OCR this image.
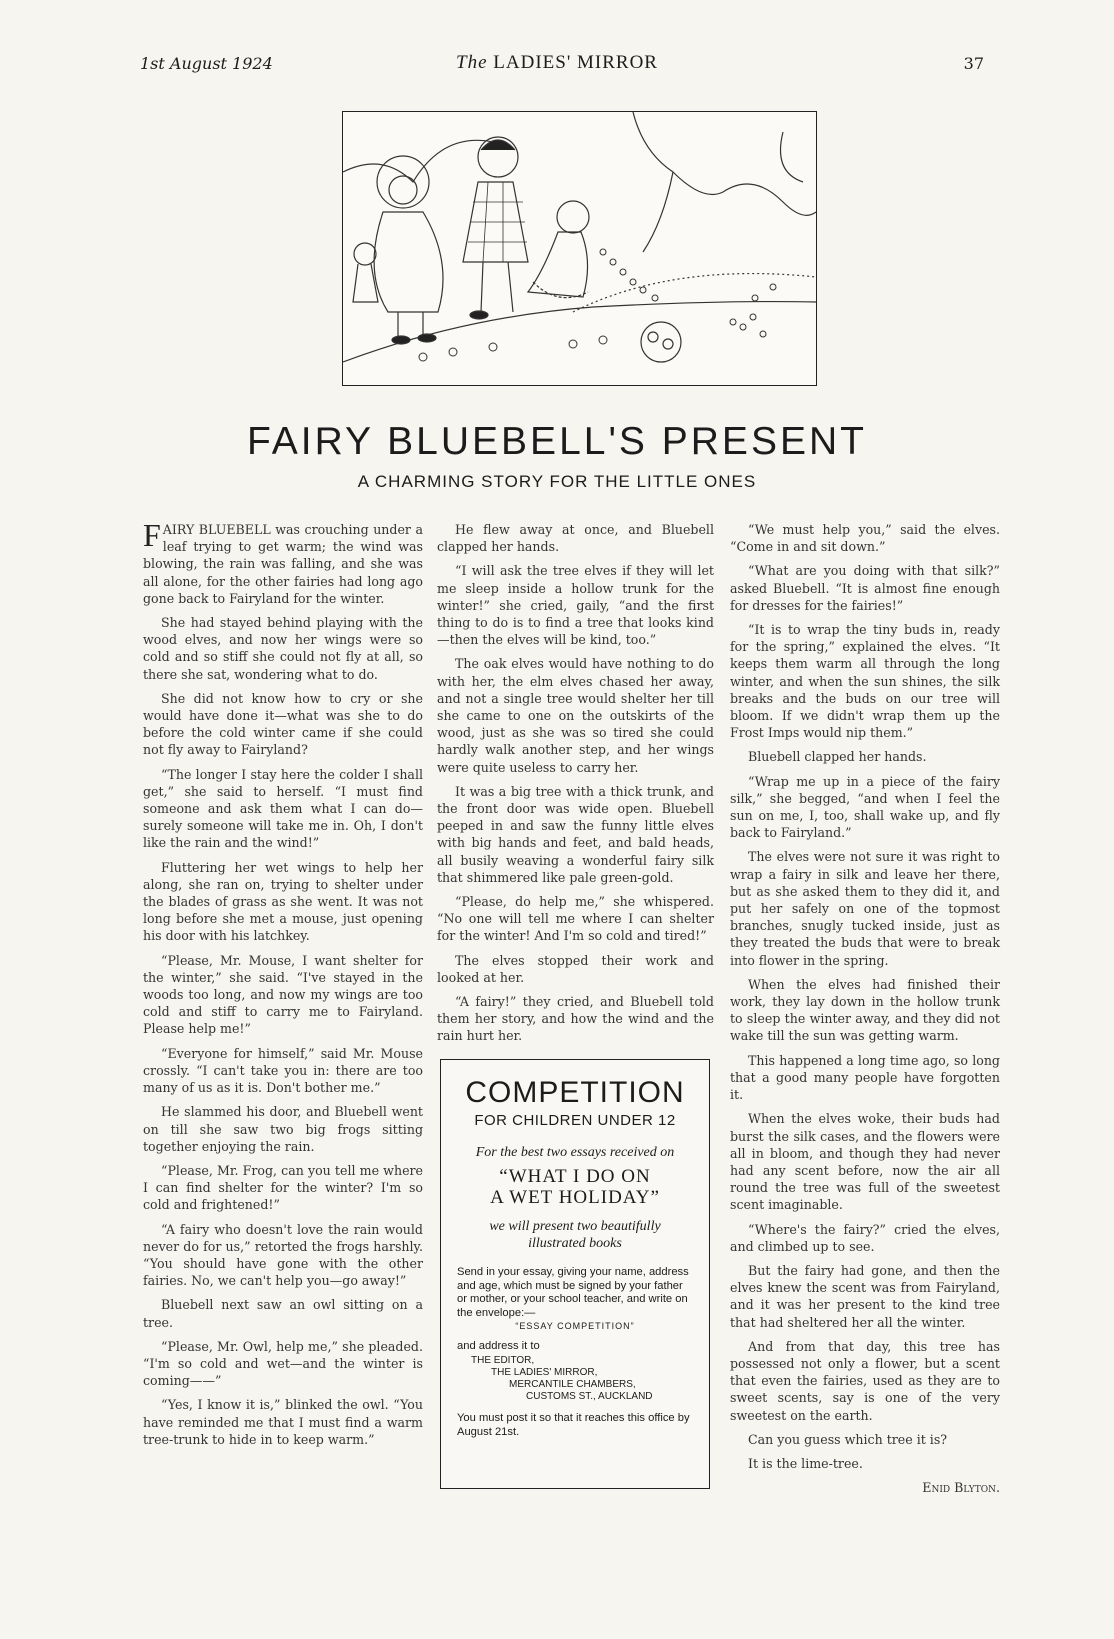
1st August 1924	The LADIES' MIRROR	37
FAIRY BLUEBELL'S PRESENT
A CHARMING STORY FOR THE LITTLE ONES

FAIRY BLUEBELL was crouching under a leaf trying to get warm; the wind was blowing, the rain was falling, and she was all alone, for the other fairies had long ago gone back to Fairyland for the winter.

She had stayed behind playing with the wood elves, and now her wings were so cold and so stiff she could not fly at all, so there she sat, wondering what to do.

She did not know how to cry or she would have done it—what was she to do before the cold winter came if she could not fly away to Fairyland?

“The longer I stay here the colder I shall get,” she said to herself. “I must find someone and ask them what I can do—surely someone will take me in. Oh, I don't like the rain and the wind!”

Fluttering her wet wings to help her along, she ran on, trying to shelter under the blades of grass as she went. It was not long before she met a mouse, just opening his door with his latchkey.

“Please, Mr. Mouse, I want shelter for the winter,” she said. “I've stayed in the woods too long, and now my wings are too cold and stiff to carry me to Fairyland. Please help me!”

“Everyone for himself,” said Mr. Mouse crossly. “I can't take you in: there are too many of us as it is. Don't bother me.”

He slammed his door, and Bluebell went on till she saw two big frogs sitting together enjoying the rain.

“Please, Mr. Frog, can you tell me where I can find shelter for the winter? I'm so cold and frightened!”

“A fairy who doesn't love the rain would never do for us,” retorted the frogs harshly. “You should have gone with the other fairies. No, we can't help you—go away!”

Bluebell next saw an owl sitting on a tree.

“Please, Mr. Owl, help me,” she pleaded. “I'm so cold and wet—and the winter is coming——”

“Yes, I know it is,” blinked the owl. “You have reminded me that I must find a warm tree-trunk to hide in to keep warm.”

He flew away at once, and Bluebell clapped her hands.

“I will ask the tree elves if they will let me sleep inside a hollow trunk for the winter!” she cried, gaily, “and the first thing to do is to find a tree that looks kind—then the elves will be kind, too.”

The oak elves would have nothing to do with her, the elm elves chased her away, and not a single tree would shelter her till she came to one on the outskirts of the wood, just as she was so tired she could hardly walk another step, and her wings were quite useless to carry her.

It was a big tree with a thick trunk, and the front door was wide open. Bluebell peeped in and saw the funny little elves with big hands and feet, and bald heads, all busily weaving a wonderful fairy silk that shimmered like pale green-gold.

“Please, do help me,” she whispered. “No one will tell me where I can shelter for the winter! And I'm so cold and tired!”

The elves stopped their work and looked at her.

“A fairy!” they cried, and Bluebell told them her story, and how the wind and the rain hurt her.

COMPETITION
FOR CHILDREN UNDER 12
For the best two essays received on
“WHAT I DO ON
A WET HOLIDAY”
we will present two beautifully
illustrated books
Send in your essay, giving your name, address and age, which must be signed by your father or mother, or your school teacher, and write on the envelope:—
“ESSAY COMPETITION”
and address it to
THE EDITOR,
THE LADIES' MIRROR,
MERCANTILE CHAMBERS,
CUSTOMS ST., AUCKLAND
You must post it so that it reaches this office by August 21st.

“We must help you,” said the elves. “Come in and sit down.”

“What are you doing with that silk?” asked Bluebell. “It is almost fine enough for dresses for the fairies!”

“It is to wrap the tiny buds in, ready for the spring,” explained the elves. “It keeps them warm all through the long winter, and when the sun shines, the silk breaks and the buds on our tree will bloom. If we didn't wrap them up the Frost Imps would nip them.”

Bluebell clapped her hands.

“Wrap me up in a piece of the fairy silk,” she begged, “and when I feel the sun on me, I, too, shall wake up, and fly back to Fairyland.”

The elves were not sure it was right to wrap a fairy in silk and leave her there, but as she asked them to they did it, and put her safely on one of the topmost branches, snugly tucked inside, just as they treated the buds that were to break into flower in the spring.

When the elves had finished their work, they lay down in the hollow trunk to sleep the winter away, and they did not wake till the sun was getting warm.

This happened a long time ago, so long that a good many people have forgotten it.

When the elves woke, their buds had burst the silk cases, and the flowers were all in bloom, and though they had never had any scent before, now the air all round the tree was full of the sweetest scent imaginable.

“Where's the fairy?” cried the elves, and climbed up to see.

But the fairy had gone, and then the elves knew the scent was from Fairyland, and it was her present to the kind tree that had sheltered her all the winter.

And from that day, this tree has possessed not only a flower, but a scent that even the fairies, used as they are to sweet scents, say is one of the very sweetest on the earth.

Can you guess which tree it is?

It is the lime-tree.

Enid Blyton.
